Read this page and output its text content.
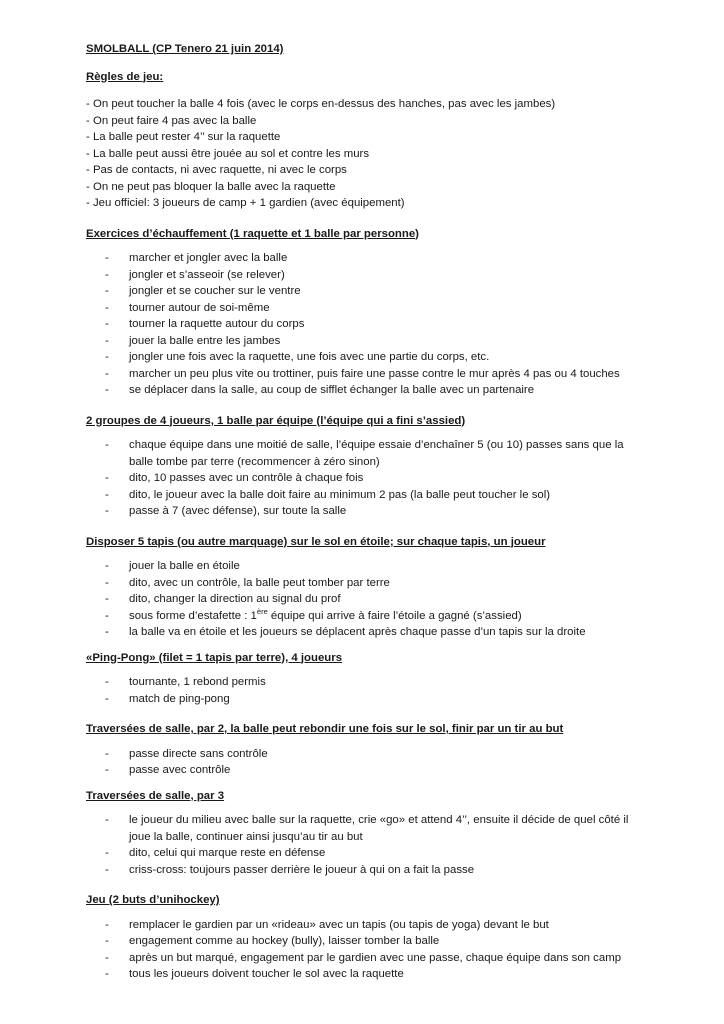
SMOLBALL (CP Tenero 21 juin 2014)

Règles de jeu:

- On peut toucher la balle 4 fois (avec le corps en-dessus des hanches, pas avec les jambes)
- On peut faire 4 pas avec la balle
- La balle peut rester 4’’ sur la raquette
- La balle peut aussi être jouée au sol et contre les murs
- Pas de contacts, ni avec raquette, ni avec le corps
- On ne peut pas bloquer la balle avec la raquette
- Jeu officiel: 3 joueurs de camp + 1 gardien (avec équipement)

Exercices d’échauffement (1 raquette et 1 balle par personne)

- marcher et jongler avec la balle
- jongler et s’asseoir (se relever)
- jongler et se coucher sur le ventre
- tourner autour de soi-même
- tourner la raquette autour du corps
- jouer la balle entre les jambes
- jongler une fois avec la raquette, une fois avec une partie du corps, etc.
- marcher un peu plus vite ou trottiner, puis faire une passe contre le mur après 4 pas ou 4 touches
- se déplacer dans la salle, au coup de sifflet échanger la balle avec un partenaire

2 groupes de 4 joueurs, 1 balle par équipe (l’équipe qui a fini s’assied)

- chaque équipe dans une moitié de salle, l’équipe essaie d’enchaîner 5 (ou 10) passes sans que la balle tombe par terre (recommencer à zéro sinon)
- dito, 10 passes avec un contrôle à chaque fois
- dito, le joueur avec la balle doit faire au minimum 2 pas (la balle peut toucher le sol)
- passe à 7 (avec défense), sur toute la salle

Disposer 5 tapis (ou autre marquage) sur le sol en étoile; sur chaque tapis, un joueur

- jouer la balle en étoile
- dito, avec un contrôle, la balle peut tomber par terre
- dito, changer la direction au signal du prof
- sous forme d’estafette : 1ère équipe qui arrive à faire l’étoile a gagné (s’assied)
- la balle va en étoile et les joueurs se déplacent après chaque passe d’un tapis sur la droite

«Ping-Pong» (filet = 1 tapis par terre), 4 joueurs

- tournante, 1 rebond permis
- match de ping-pong

Traversées de salle, par 2, la balle peut rebondir une fois sur le sol, finir par un tir au but

- passe directe sans contrôle
- passe avec contrôle

Traversées de salle, par 3

- le joueur du milieu avec balle sur la raquette, crie «go» et attend 4’’, ensuite il décide de quel côté il joue la balle, continuer ainsi jusqu’au tir au but
- dito, celui qui marque reste en défense
- criss-cross: toujours passer derrière le joueur à qui on a fait la passe

Jeu (2 buts d’unihockey)

- remplacer le gardien par un «rideau» avec un tapis (ou tapis de yoga) devant le but
- engagement comme au hockey (bully), laisser tomber la balle
- après un but marqué, engagement par le gardien avec une passe, chaque équipe dans son camp
- tous les joueurs doivent toucher le sol avec la raquette
